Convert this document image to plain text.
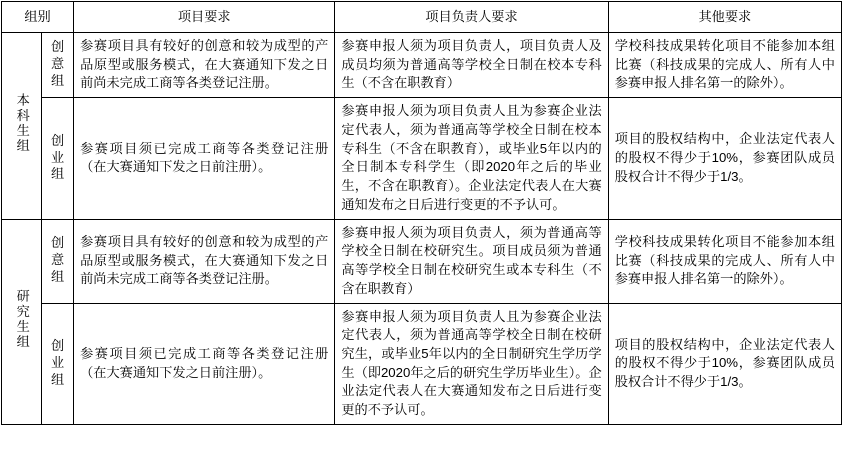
组别		项目要求	项目负责人要求	其他要求
本科生组	创意组	参赛项目具有较好的创意和较为成型的产品原型或服务模式，在大赛通知下发之日前尚未完成工商等各类登记注册。	参赛申报人须为项目负责人，项目负责人及成员均须为普通高等学校全日制在校本专科生（不含在职教育）	学校科技成果转化项目不能参加本组比赛（科技成果的完成人、所有人中参赛申报人排名第一的除外）。
	创业组	参赛项目须已完成工商等各类登记注册（在大赛通知下发之日前注册）。	参赛申报人须为项目负责人且为参赛企业法定代表人，须为普通高等学校全日制在校本专科生（不含在职教育），或毕业5年以内的全日制本专科学生（即2020年之后的毕业生，不含在职教育）。企业法定代表人在大赛通知发布之日后进行变更的不予认可。	项目的股权结构中，企业法定代表人的股权不得少于10%，参赛团队成员股权合计不得少于1/3。
研究生组	创意组	参赛项目具有较好的创意和较为成型的产品原型或服务模式，在大赛通知下发之日前尚未完成工商等各类登记注册。	参赛申报人须为项目负责人，须为普通高等学校全日制在校研究生。项目成员须为普通高等学校全日制在校研究生或本专科生（不含在职教育）	学校科技成果转化项目不能参加本组比赛（科技成果的完成人、所有人中参赛申报人排名第一的除外）。
	创业组	参赛项目须已完成工商等各类登记注册（在大赛通知下发之日前注册）。	参赛申报人须为项目负责人且为参赛企业法定代表人，须为普通高等学校全日制在校研究生，或毕业5年以内的全日制研究生学历学生（即2020年之后的研究生学历毕业生）。企业法定代表人在大赛通知发布之日后进行变更的不予认可。	项目的股权结构中，企业法定代表人的股权不得少于10%，参赛团队成员股权合计不得少于1/3。
